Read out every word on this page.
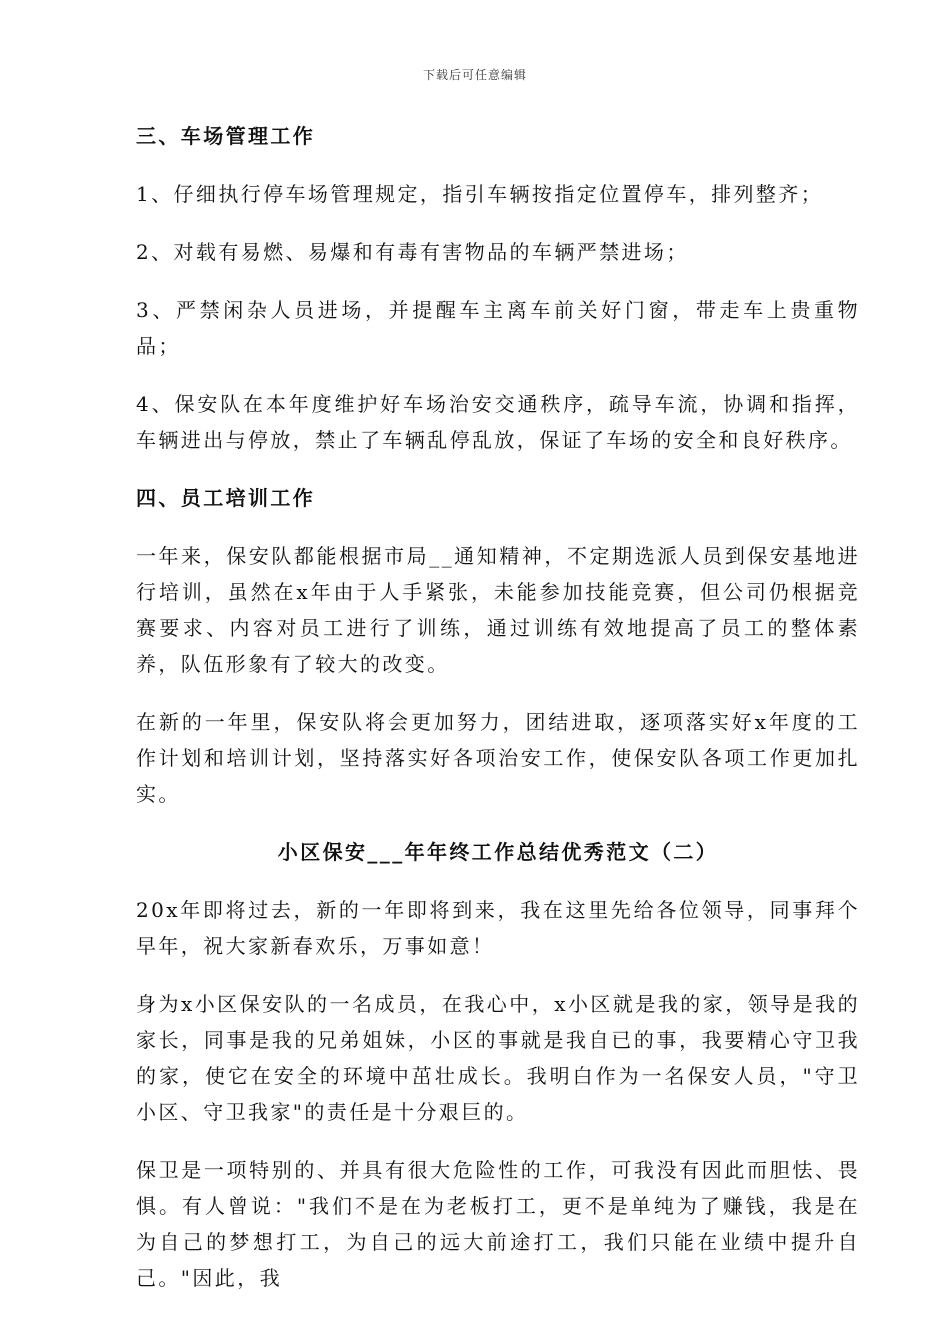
下载后可任意编辑

三、车场管理工作

1、仔细执行停车场管理规定，指引车辆按指定位置停车，排列整齐；

2、对载有易燃、易爆和有毒有害物品的车辆严禁进场；

3、严禁闲杂人员进场，并提醒车主离车前关好门窗，带走车上贵重物品；

4、保安队在本年度维护好车场治安交通秩序，疏导车流，协调和指挥，车辆进出与停放，禁止了车辆乱停乱放，保证了车场的安全和良好秩序。

四、员工培训工作

一年来，保安队都能根据市局__通知精神，不定期选派人员到保安基地进行培训，虽然在x年由于人手紧张，未能参加技能竞赛，但公司仍根据竞赛要求、内容对员工进行了训练，通过训练有效地提高了员工的整体素养，队伍形象有了较大的改变。

在新的一年里，保安队将会更加努力，团结进取，逐项落实好x年度的工作计划和培训计划，坚持落实好各项治安工作，使保安队各项工作更加扎实。

小区保安___年年终工作总结优秀范文（二）

20x年即将过去，新的一年即将到来，我在这里先给各位领导，同事拜个早年，祝大家新春欢乐，万事如意！

身为x小区保安队的一名成员，在我心中，x小区就是我的家，领导是我的家长，同事是我的兄弟姐妹，小区的事就是我自已的事，我要精心守卫我的家，使它在安全的环境中茁壮成长。我明白作为一名保安人员，"守卫小区、守卫我家"的责任是十分艰巨的。

保卫是一项特别的、并具有很大危险性的工作，可我没有因此而胆怯、畏惧。有人曾说："我们不是在为老板打工，更不是单纯为了赚钱，我是在为自己的梦想打工，为自己的远大前途打工，我们只能在业绩中提升自己。"因此，我
